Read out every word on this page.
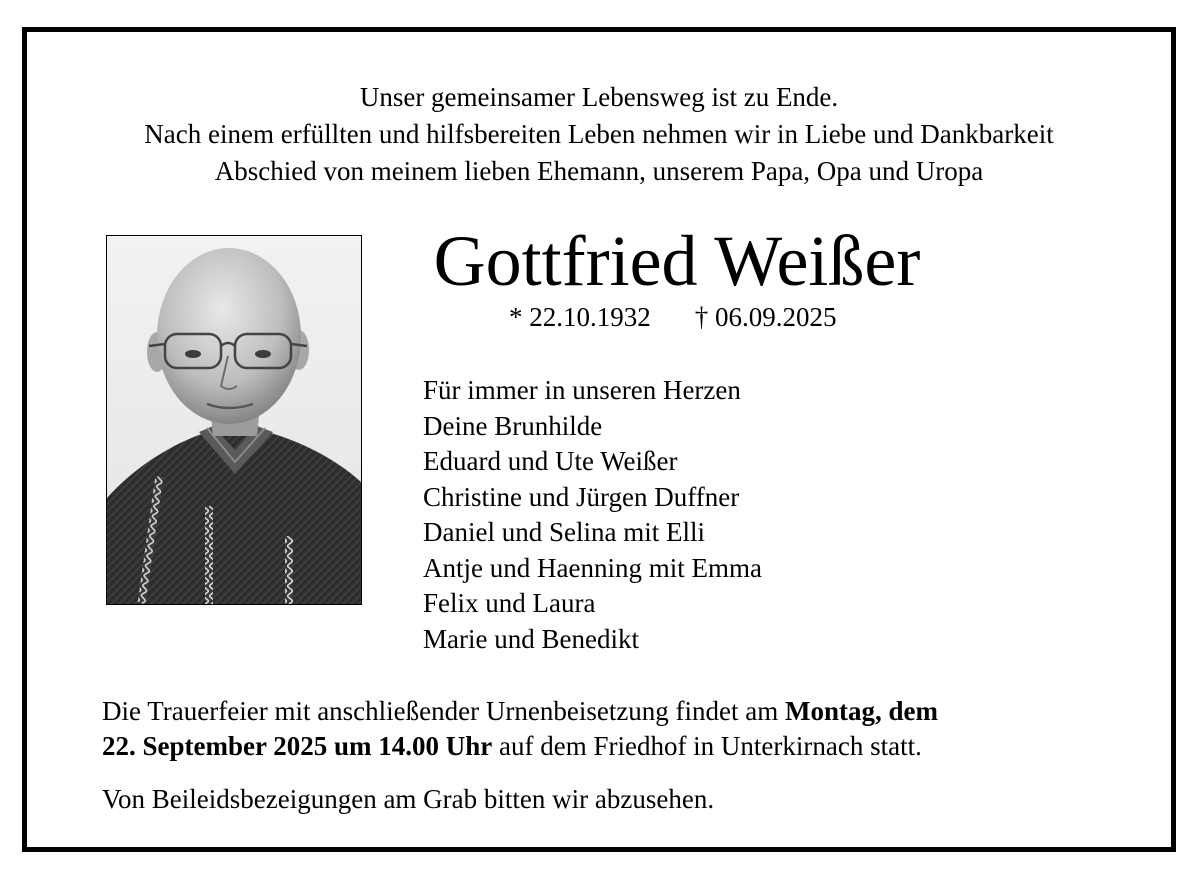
Unser gemeinsamer Lebensweg ist zu Ende.
Nach einem erfüllten und hilfsbereiten Leben nehmen wir in Liebe und Dankbarkeit
Abschied von meinem lieben Ehemann, unserem Papa, Opa und Uropa
Gottfried Weißer
* 22.10.1932 † 06.09.2025
Für immer in unseren Herzen
Deine Brunhilde
Eduard und Ute Weißer
Christine und Jürgen Duffner
Daniel und Selina mit Elli
Antje und Haenning mit Emma
Felix und Laura
Marie und Benedikt
Die Trauerfeier mit anschließender Urnenbeisetzung findet am Montag, dem
22. September 2025 um 14.00 Uhr auf dem Friedhof in Unterkirnach statt.
Von Beileidsbezeigungen am Grab bitten wir abzusehen.
